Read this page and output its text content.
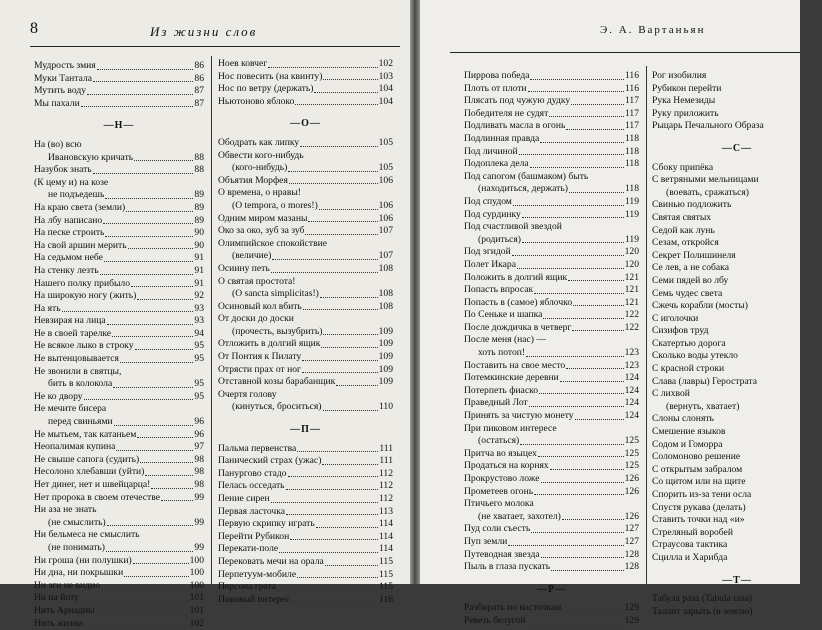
8	Из жизни слов
Мудрость змия	86
Муки Тантала	86
Мутить воду	87
Мы пахали	87
—Н—
На (во) всю
Ивановскую кричать	88
Назубок знать	88
(К цему и) на козе
не подъедешь	89
На краю света (земли)	89
На лбу написано	89
На песке строить	90
На свой аршин мерить	90
На седьмом небе	91
На стенку лезть	91
Нашего полку прибыло	91
На широкую ногу (жить)	92
На ять	93
Невзирая на лица	93
Не в своей тарелке	94
Не всякое лыко в строку	95
Не вытенцовывается	95
Не звонили в святцы,
бить в колокола	95
Не ко двору	95
Не мечите бисера
перед свиньями	96
Не мытьем, так катаньем	96
Неопалимая купина	97
Не свыше сапога (судить)	98
Несолоно хлебавши (уйти)	98
Нет динег, нет и швейцарца!	98
Нет пророка в своем отечестве	99
Ни аза не знать
(не смыслить)	99
Ни бельмеса не смыслить
(не понимать)	99
Ни гроша (ни полушки)	100
Ни дна, ни покрышки	100
Ни зги не видно	100
Ни на йоту	101
Нить Ариадны	101
Нить жизни	102
Ноев ковчег	102
Нос повесить (на квинту)	103
Нос по ветру (держать)	104
Ньютоново яблоко	104
—О—
Ободрать как липку	105
Обвести кого-нибудь
(кого-нибудь)	105
Объятия Морфея	106
О времена, о нравы!
(O tempora, o mores!)	106
Одним миром мазаны	106
Око за око, зуб за зуб	107
Олимпийское спокойствие
(величие)	107
Осиину петь	108
О святая простота!
(O sancta simplicitas!)	108
Осиновый кол вбить	108
От доски до доски
(прочесть, вызубрить)	109
Отложить в долгий ящик	109
От Понтия к Пилату	109
Отрясти прах от ног	109
Отставной козы барабанщик	109
Очертя голову
(кинуться, броситься)	110
—П—
Пальма первенства	111
Панический страх (ужас)	111
Панургово стадо	112
Пелась осседать	112
Пение сирен	112
Первая ласточка	113
Первую скрипку играть	114
Перейти Рубикон	114
Перекати-поле	114
Перековать мечи на орала	115
Перпетуум-мобиле	115
Персона грата	115
Пиковый интерес	116
Э. А. Вартаньян
Пиррова победа	116
Плоть от плоти	116
Плясать под чужую дудку	117
Победителя не судят	117
Подливать масла в огонь	117
Подлинная правда	118
Под личиной	118
Подоплека дела	118
Под сапогом (башмаком) быть
(находиться, держать)	118
Под спудом	119
Под сурдинку	119
Под счастливой звездой
(родиться)	119
Под эгидой	120
Полет Икара	120
Положить в долгий ящик	121
Попасть впросак	121
Попасть в (самое) яблочко	121
По Сеньке и шапка	122
После дождичка в четверг	122
После меня (нас) —
хоть потоп!	123
Поставить на свое место	123
Потемкинские деревни	124
Потерпеть фиаско	124
Праведный Лот	124
Принять за чистую монету	124
При пиковом интересе
(остаться)	125
Притча во языцех	125
Продаться на корнях	125
Прокрустово ложе	126
Прометеев огонь	126
Птичьего молока
(не хватает, захотел)	126
Пуд соли съесть	127
Пуп земли	127
Путеводная звезда	128
Пыль в глаза пускать	128
—Р—
Разбирать по косточкам	129
Реветь белугой	129
Рог изобилия
Рубикон перейти
Рука Немезиды
Руку приложить
Рыцарь Печального Образа
—С—
Сбоку припёка
С ветряными мельницами
(воевать, сражаться)
Свинью подложить
Святая святых
Седой как лунь
Сезам, откройся
Секрет Полишинеля
Се лев, а не собака
Семи пядей во лбу
Семь чудес света
Сжечь корабли (мосты)
С иголочки
Сизифов труд
Скатертью дорога
Сколько воды утекло
С красной строки
Слава (лавры) Герострата
С лихвой
(вернуть, хватает)
Слоны слонять
Смешение языков
Содом и Гоморра
Соломоново решение
С открытым забралом
Со щитом или на щите
Спорить из-за тени осла
Спустя рукава (делать)
Ставить точки над «и»
Стреляный воробей
Страусова тактика
Сцилла и Харибда
—Т—
Табула раза (Tabula rasa)
Талант зарыть (в землю)
